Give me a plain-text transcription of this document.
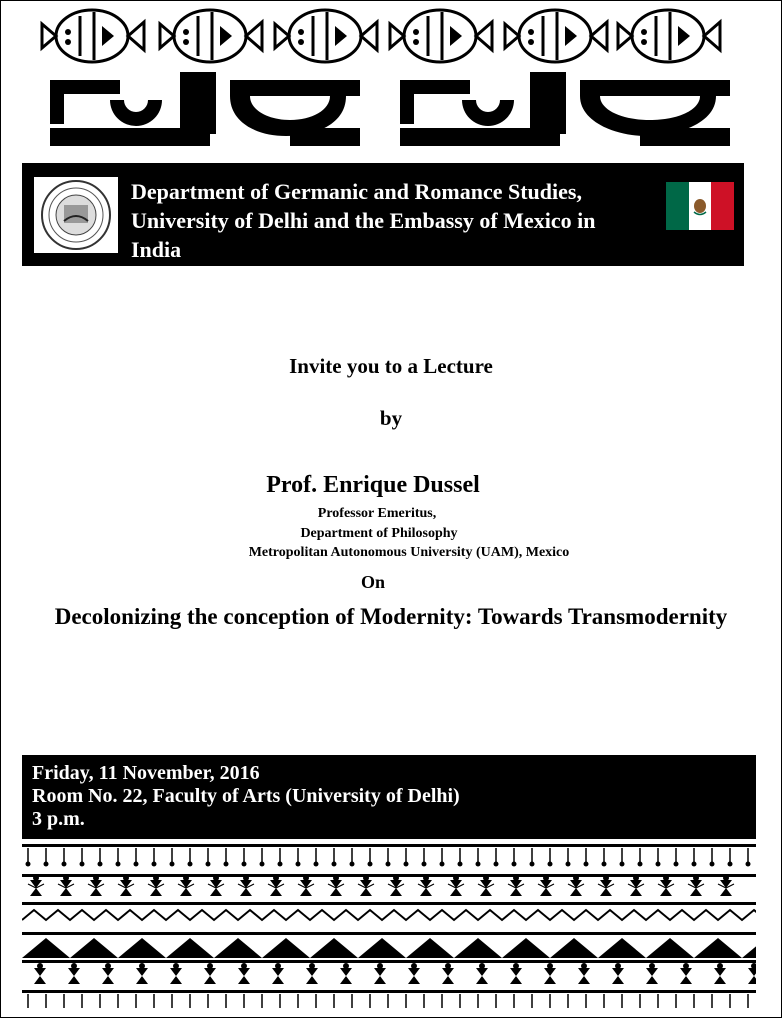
Department of Germanic and Romance Studies,
University of Delhi and the Embassy of Mexico in
India
Invite you to a Lecture
by
Prof. Enrique Dussel
Professor Emeritus,
Department of Philosophy
Metropolitan Autonomous University (UAM), Mexico
On
Decolonizing the conception of Modernity: Towards Transmodernity
Friday, 11 November, 2016
Room No. 22, Faculty of Arts (University of Delhi)
3 p.m.
